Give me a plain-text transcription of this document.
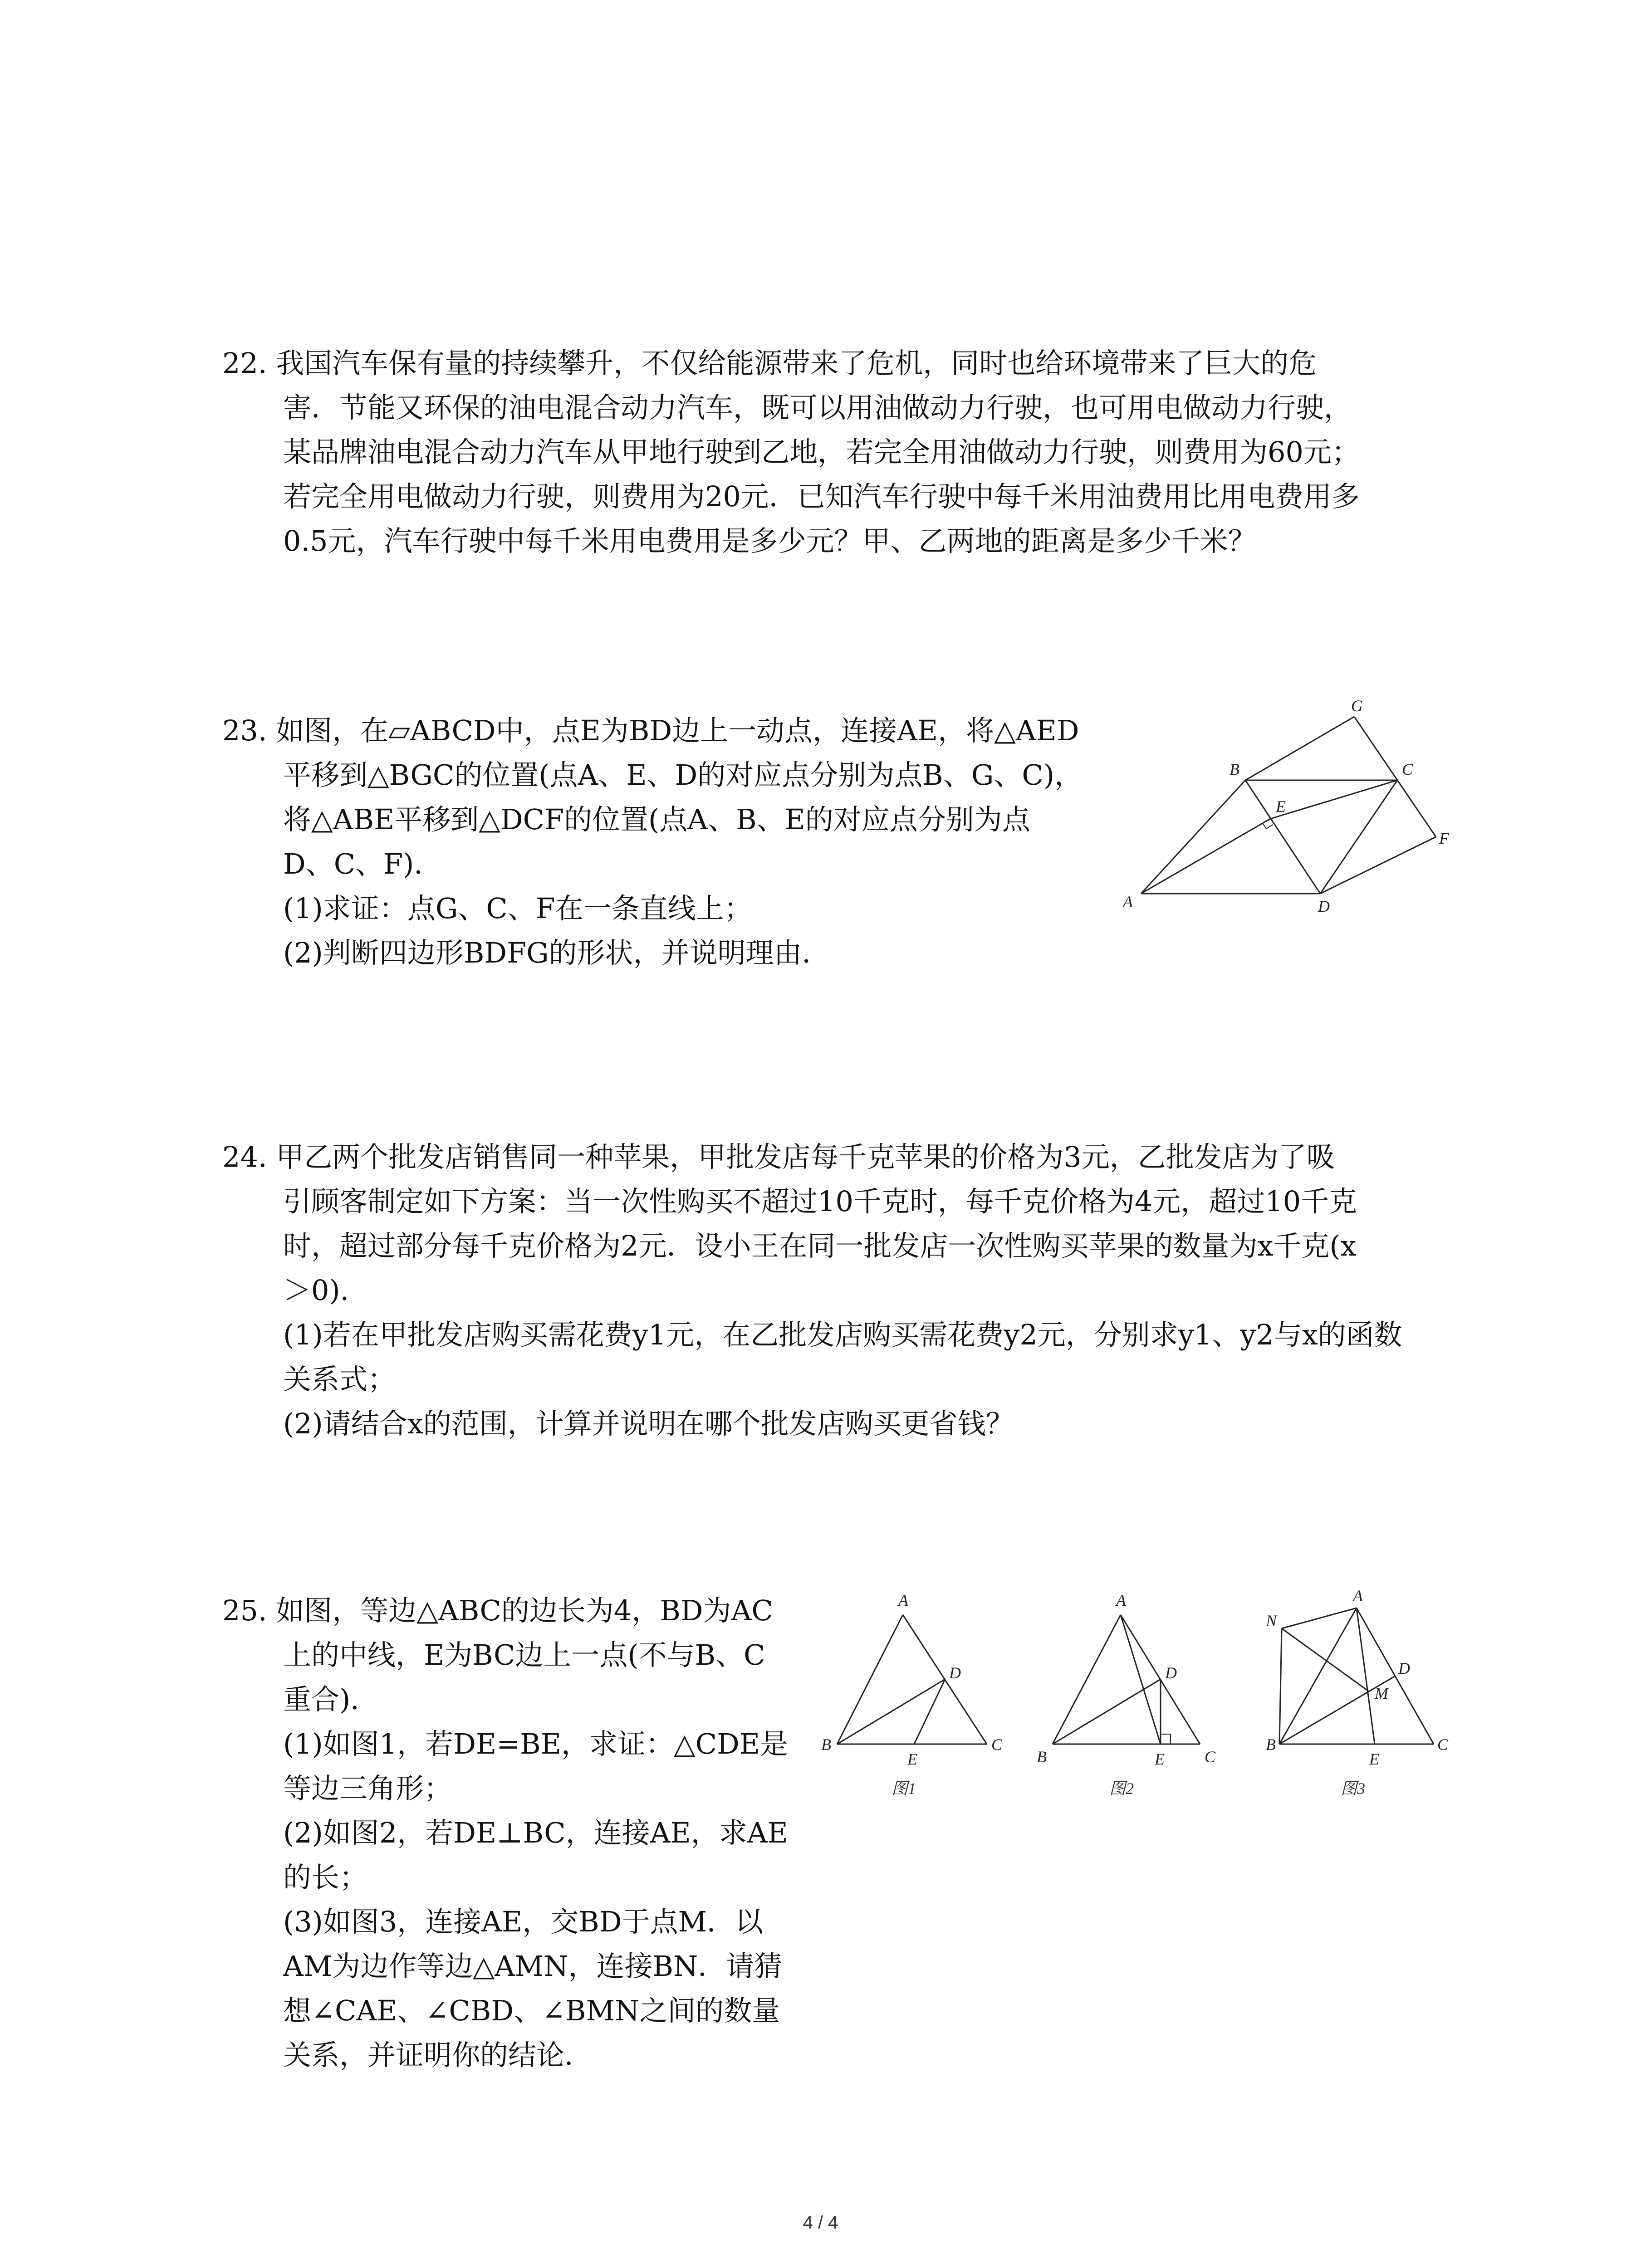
22. 我国汽车保有量的持续攀升，不仅给能源带来了危机，同时也给环境带来了巨大的危
害．节能又环保的油电混合动力汽车，既可以用油做动力行驶，也可用电做动力行驶，
某品牌油电混合动力汽车从甲地行驶到乙地，若完全用油做动力行驶，则费用为60元；
若完全用电做动力行驶，则费用为20元．已知汽车行驶中每千米用油费用比用电费用多
0.5元，汽车行驶中每千米用电费用是多少元？甲、乙两地的距离是多少千米？
23. 如图，在▱ABCD中，点E为BD边上一动点，连接AE，将△AED
平移到△BGC的位置(点A、E、D的对应点分别为点B、G、C)，
将△ABE平移到△DCF的位置(点A、B、E的对应点分别为点
D、C、F)．
(1)求证：点G、C、F在一条直线上；
(2)判断四边形BDFG的形状，并说明理由．
A
B	C
D
E
F
G
24. 甲乙两个批发店销售同一种苹果，甲批发店每千克苹果的价格为3元，乙批发店为了吸
引顾客制定如下方案：当一次性购买不超过10千克时，每千克价格为4元，超过10千克
时，超过部分每千克价格为2元．设小王在同一批发店一次性购买苹果的数量为x千克(x
＞0)．
(1)若在甲批发店购买需花费y1元，在乙批发店购买需花费y2元，分别求y1、y2与x的函数
关系式；
(2)请结合x的范围，计算并说明在哪个批发店购买更省钱？
25. 如图，等边△ABC的边长为4，BD为AC
上的中线，E为BC边上一点(不与B、C
重合)．
(1)如图1，若DE=BE，求证：△CDE是
等边三角形；
(2)如图2，若DE⊥BC，连接AE，求AE
的长；
(3)如图3，连接AE，交BD于点M．以
AM为边作等边△AMN，连接BN．请猜
想∠CAE、∠CBD、∠BMN之间的数量
关系，并证明你的结论．
A
B	C
D
E
图1
A
B	C
D
E
图2
A
B	C
D
E
M
N
图3
4 / 4
